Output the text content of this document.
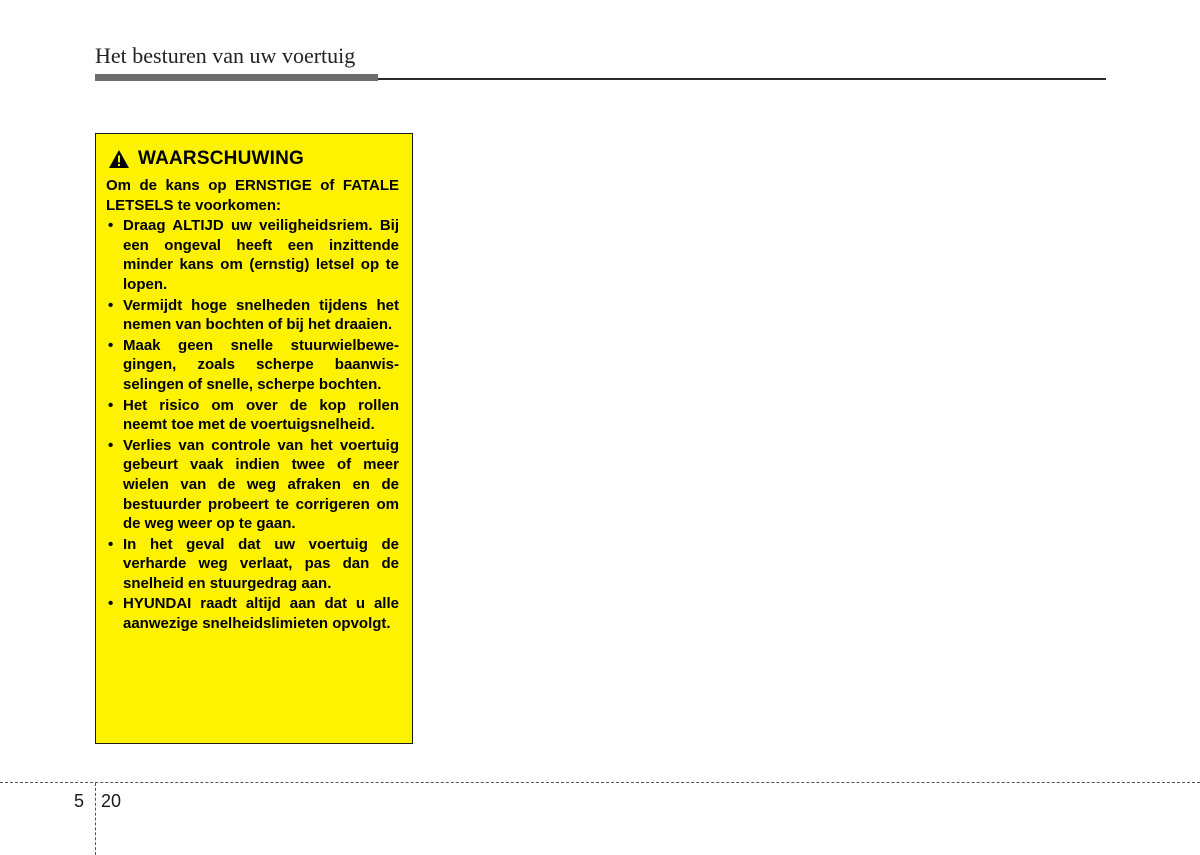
Het besturen van uw voertuig
WAARSCHUWING

Om de kans op ERNSTIGE of FATALE LETSELS te voorkomen:

• Draag ALTIJD uw veiligheidsriem. Bij een ongeval heeft een inzittende minder kans om (ernstig) letsel op te lopen.
• Vermijdt hoge snelheden tijdens het nemen van bochten of bij het draaien.
• Maak geen snelle stuurwielbewegingen, zoals scherpe baanwisselingen of snelle, scherpe bochten.
• Het risico om over de kop rollen neemt toe met de voertuigsnelheid.
• Verlies van controle van het voertuig gebeurt vaak indien twee of meer wielen van de weg afraken en de bestuurder probeert te corrigeren om de weg weer op te gaan.
• In het geval dat uw voertuig de verharde weg verlaat, pas dan de snelheid en stuurgedrag aan.
• HYUNDAI raadt altijd aan dat u alle aanwezige snelheidslimieten opvolgt.
5 20
